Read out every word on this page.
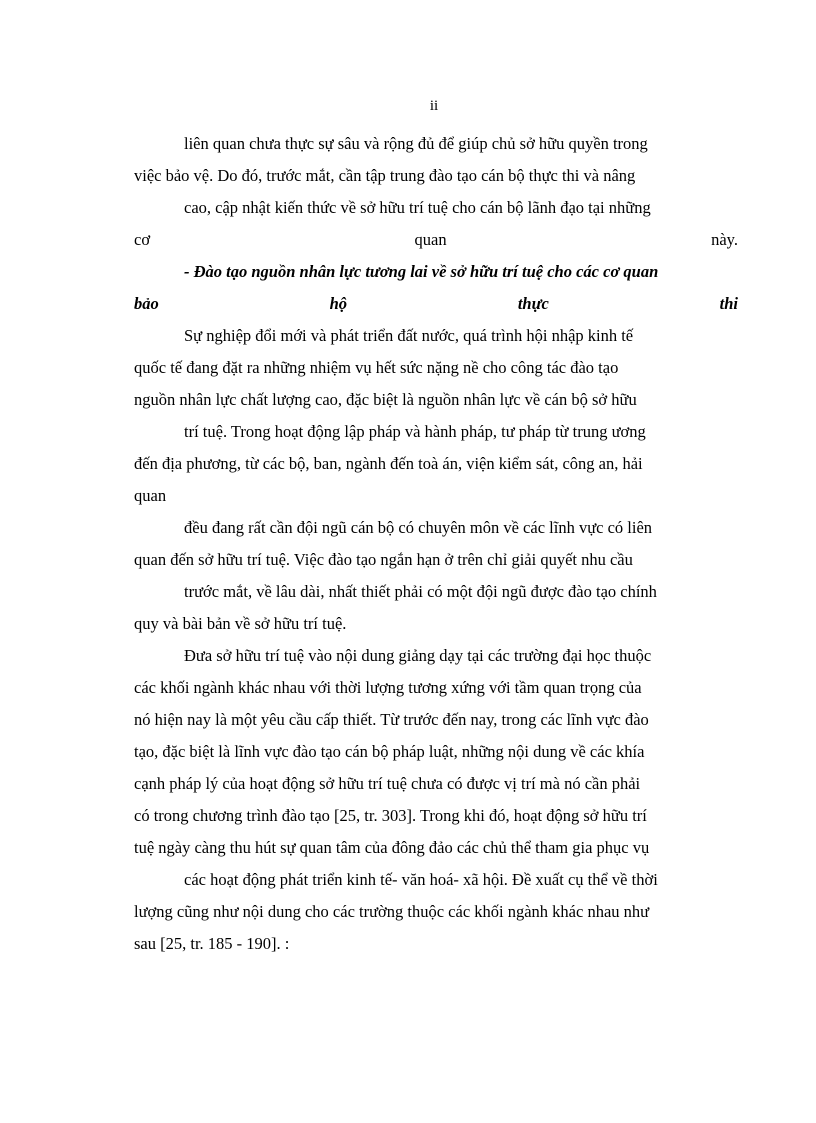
ii
liên quan chưa thực sự sâu và rộng đủ để giúp chủ sở hữu quyền trong
việc bảo vệ. Do đó, trước mắt, cần tập trung đào tạo cán bộ thực thi và nâng
cao, cập nhật kiến thức về sở hữu trí tuệ cho cán bộ lãnh đạo tại những
cơ	quan	này.
- Đào tạo nguồn nhân lực tương lai về sở hữu trí tuệ cho các cơ quan
bảo	hộ	thực	thi
Sự nghiệp đổi mới và phát triển đất nước, quá trình hội nhập kinh tế
quốc tế đang đặt ra những nhiệm vụ hết sức nặng nề cho công tác đào tạo
nguồn nhân lực chất lượng cao, đặc biệt là nguồn nhân lực về cán bộ sở hữu
trí tuệ. Trong hoạt động lập pháp và hành pháp, tư pháp từ trung ương
đến địa phương, từ các bộ, ban, ngành đến toà án, viện kiểm sát, công an, hải
quan
đều đang rất cần đội ngũ cán bộ có chuyên môn về các lĩnh vực có liên
quan đến sở hữu trí tuệ. Việc đào tạo ngắn hạn ở trên chỉ giải quyết nhu cầu
trước mắt, về lâu dài, nhất thiết phải có một đội ngũ được đào tạo chính
quy và bài bản về sở hữu trí tuệ.
Đưa sở hữu trí tuệ vào nội dung giảng dạy tại các trường đại học thuộc
các khối ngành khác nhau với thời lượng tương xứng với tầm quan trọng của
nó hiện nay là một yêu cầu cấp thiết. Từ trước đến nay, trong các lĩnh vực đào
tạo, đặc biệt là lĩnh vực đào tạo cán bộ pháp luật, những nội dung về các khía
cạnh pháp lý của hoạt động sở hữu trí tuệ chưa có được vị trí mà nó cần phải
có trong chương trình đào tạo [25, tr. 303]. Trong khi đó, hoạt động sở hữu trí
tuệ ngày càng thu hút sự quan tâm của đông đảo các chủ thể tham gia phục vụ
các hoạt động phát triển kinh tế- văn hoá- xã hội. Đề xuất cụ thể về thời
lượng cũng như nội dung cho các trường thuộc các khối ngành khác nhau như
sau [25, tr. 185 - 190]. :
